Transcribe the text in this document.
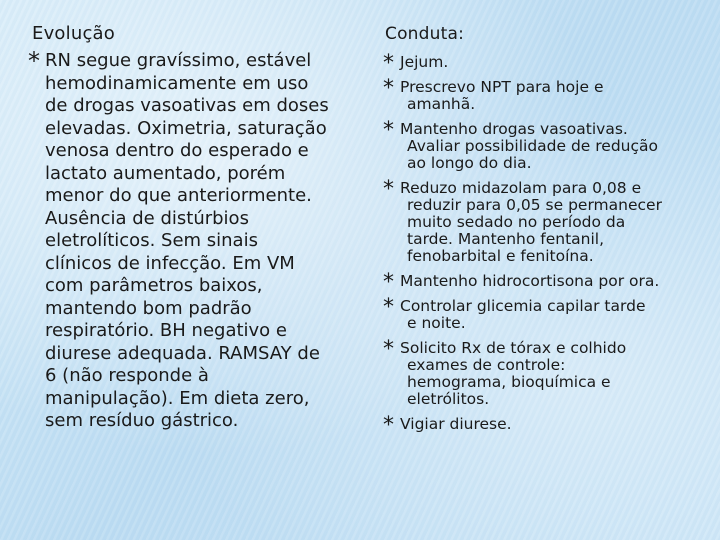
Evolução
* RN segue gravíssimo, estável
hemodinamicamente em uso
de drogas vasoativas em doses
elevadas. Oximetria, saturação
venosa dentro do esperado e
lactato aumentado, porém
menor do que anteriormente.
Ausência de distúrbios
eletrolíticos. Sem sinais
clínicos de infecção. Em VM
com parâmetros baixos,
mantendo bom padrão
respiratório. BH negativo e
diurese adequada. RAMSAY de
6 (não responde à
manipulação). Em dieta zero,
sem resíduo gástrico.
Conduta:
* Jejum.
* Prescrevo NPT para hoje e
amanhã.
* Mantenho drogas vasoativas.
Avaliar possibilidade de redução
ao longo do dia.
* Reduzo midazolam para 0,08 e
reduzir para 0,05 se permanecer
muito sedado no período da
tarde. Mantenho fentanil,
fenobarbital e fenitoína.
* Mantenho hidrocortisona por ora.
* Controlar glicemia capilar tarde
e noite.
* Solicito Rx de tórax e colhido
exames de controle:
hemograma, bioquímica e
eletrólitos.
* Vigiar diurese.
